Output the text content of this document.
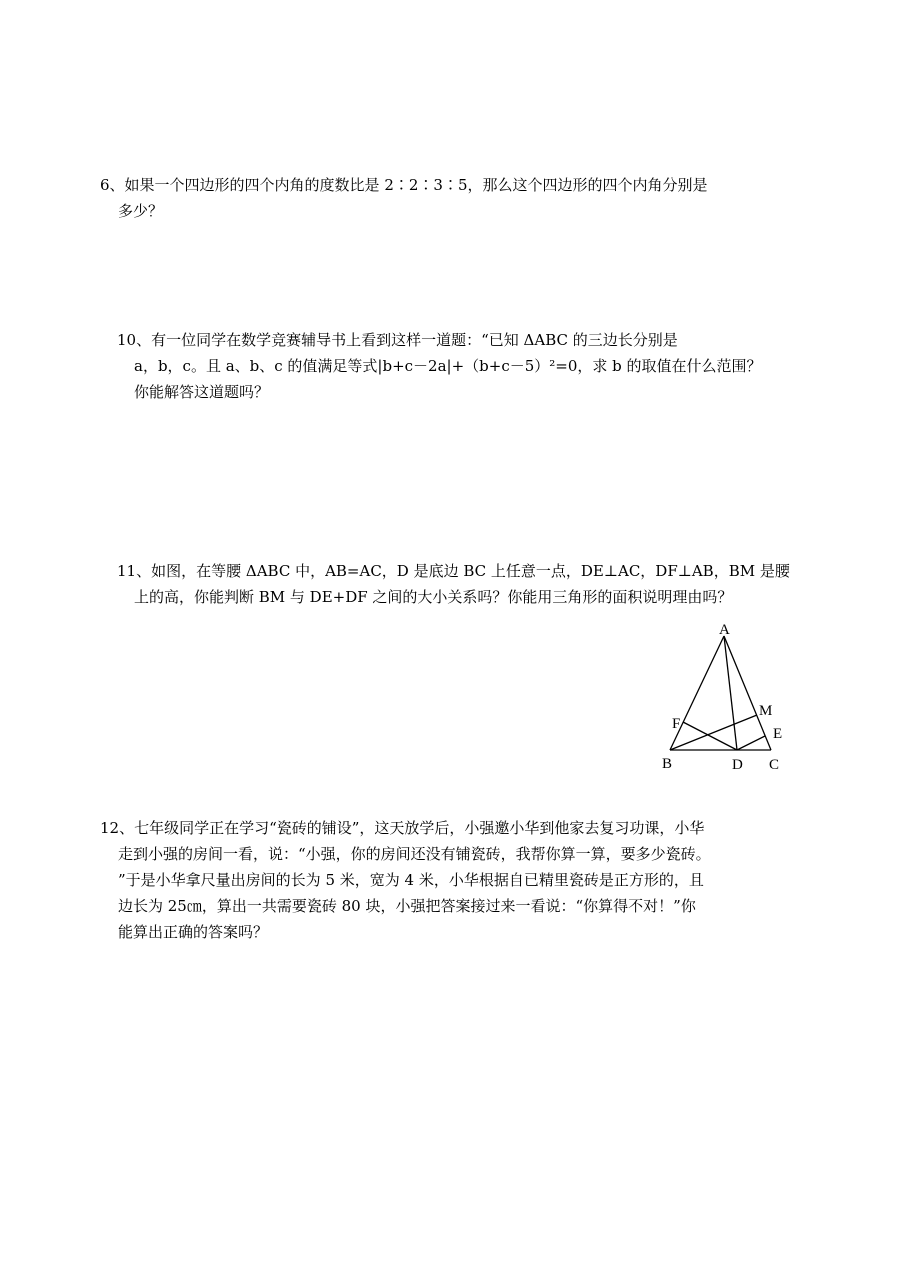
6、如果一个四边形的四个内角的度数比是 2∶2∶3∶5，那么这个四边形的四个内角分别是
多少？
10、有一位同学在数学竞赛辅导书上看到这样一道题：“已知 ΔABC 的三边长分别是
a，b，c。且 a、b、c 的值满足等式|b+c－2a|+（b+c－5）²=0，求 b 的取值在什么范围？
你能解答这道题吗？
11、如图，在等腰 ΔABC 中，AB=AC，D 是底边 BC 上任意一点，DE⊥AC，DF⊥AB，BM 是腰
上的高，你能判断 BM 与 DE+DF 之间的大小关系吗？你能用三角形的面积说明理由吗？
A
M
F
E
B	D C
12、七年级同学正在学习“瓷砖的铺设”，这天放学后，小强邀小华到他家去复习功课，小华
走到小强的房间一看，说：“小强，你的房间还没有铺瓷砖，我帮你算一算，要多少瓷砖。
”于是小华拿尺量出房间的长为 5 米，宽为 4 米，小华根据自已精里瓷砖是正方形的，且
边长为 25㎝，算出一共需要瓷砖 80 块，小强把答案接过来一看说：“你算得不对！”你
能算出正确的答案吗？
